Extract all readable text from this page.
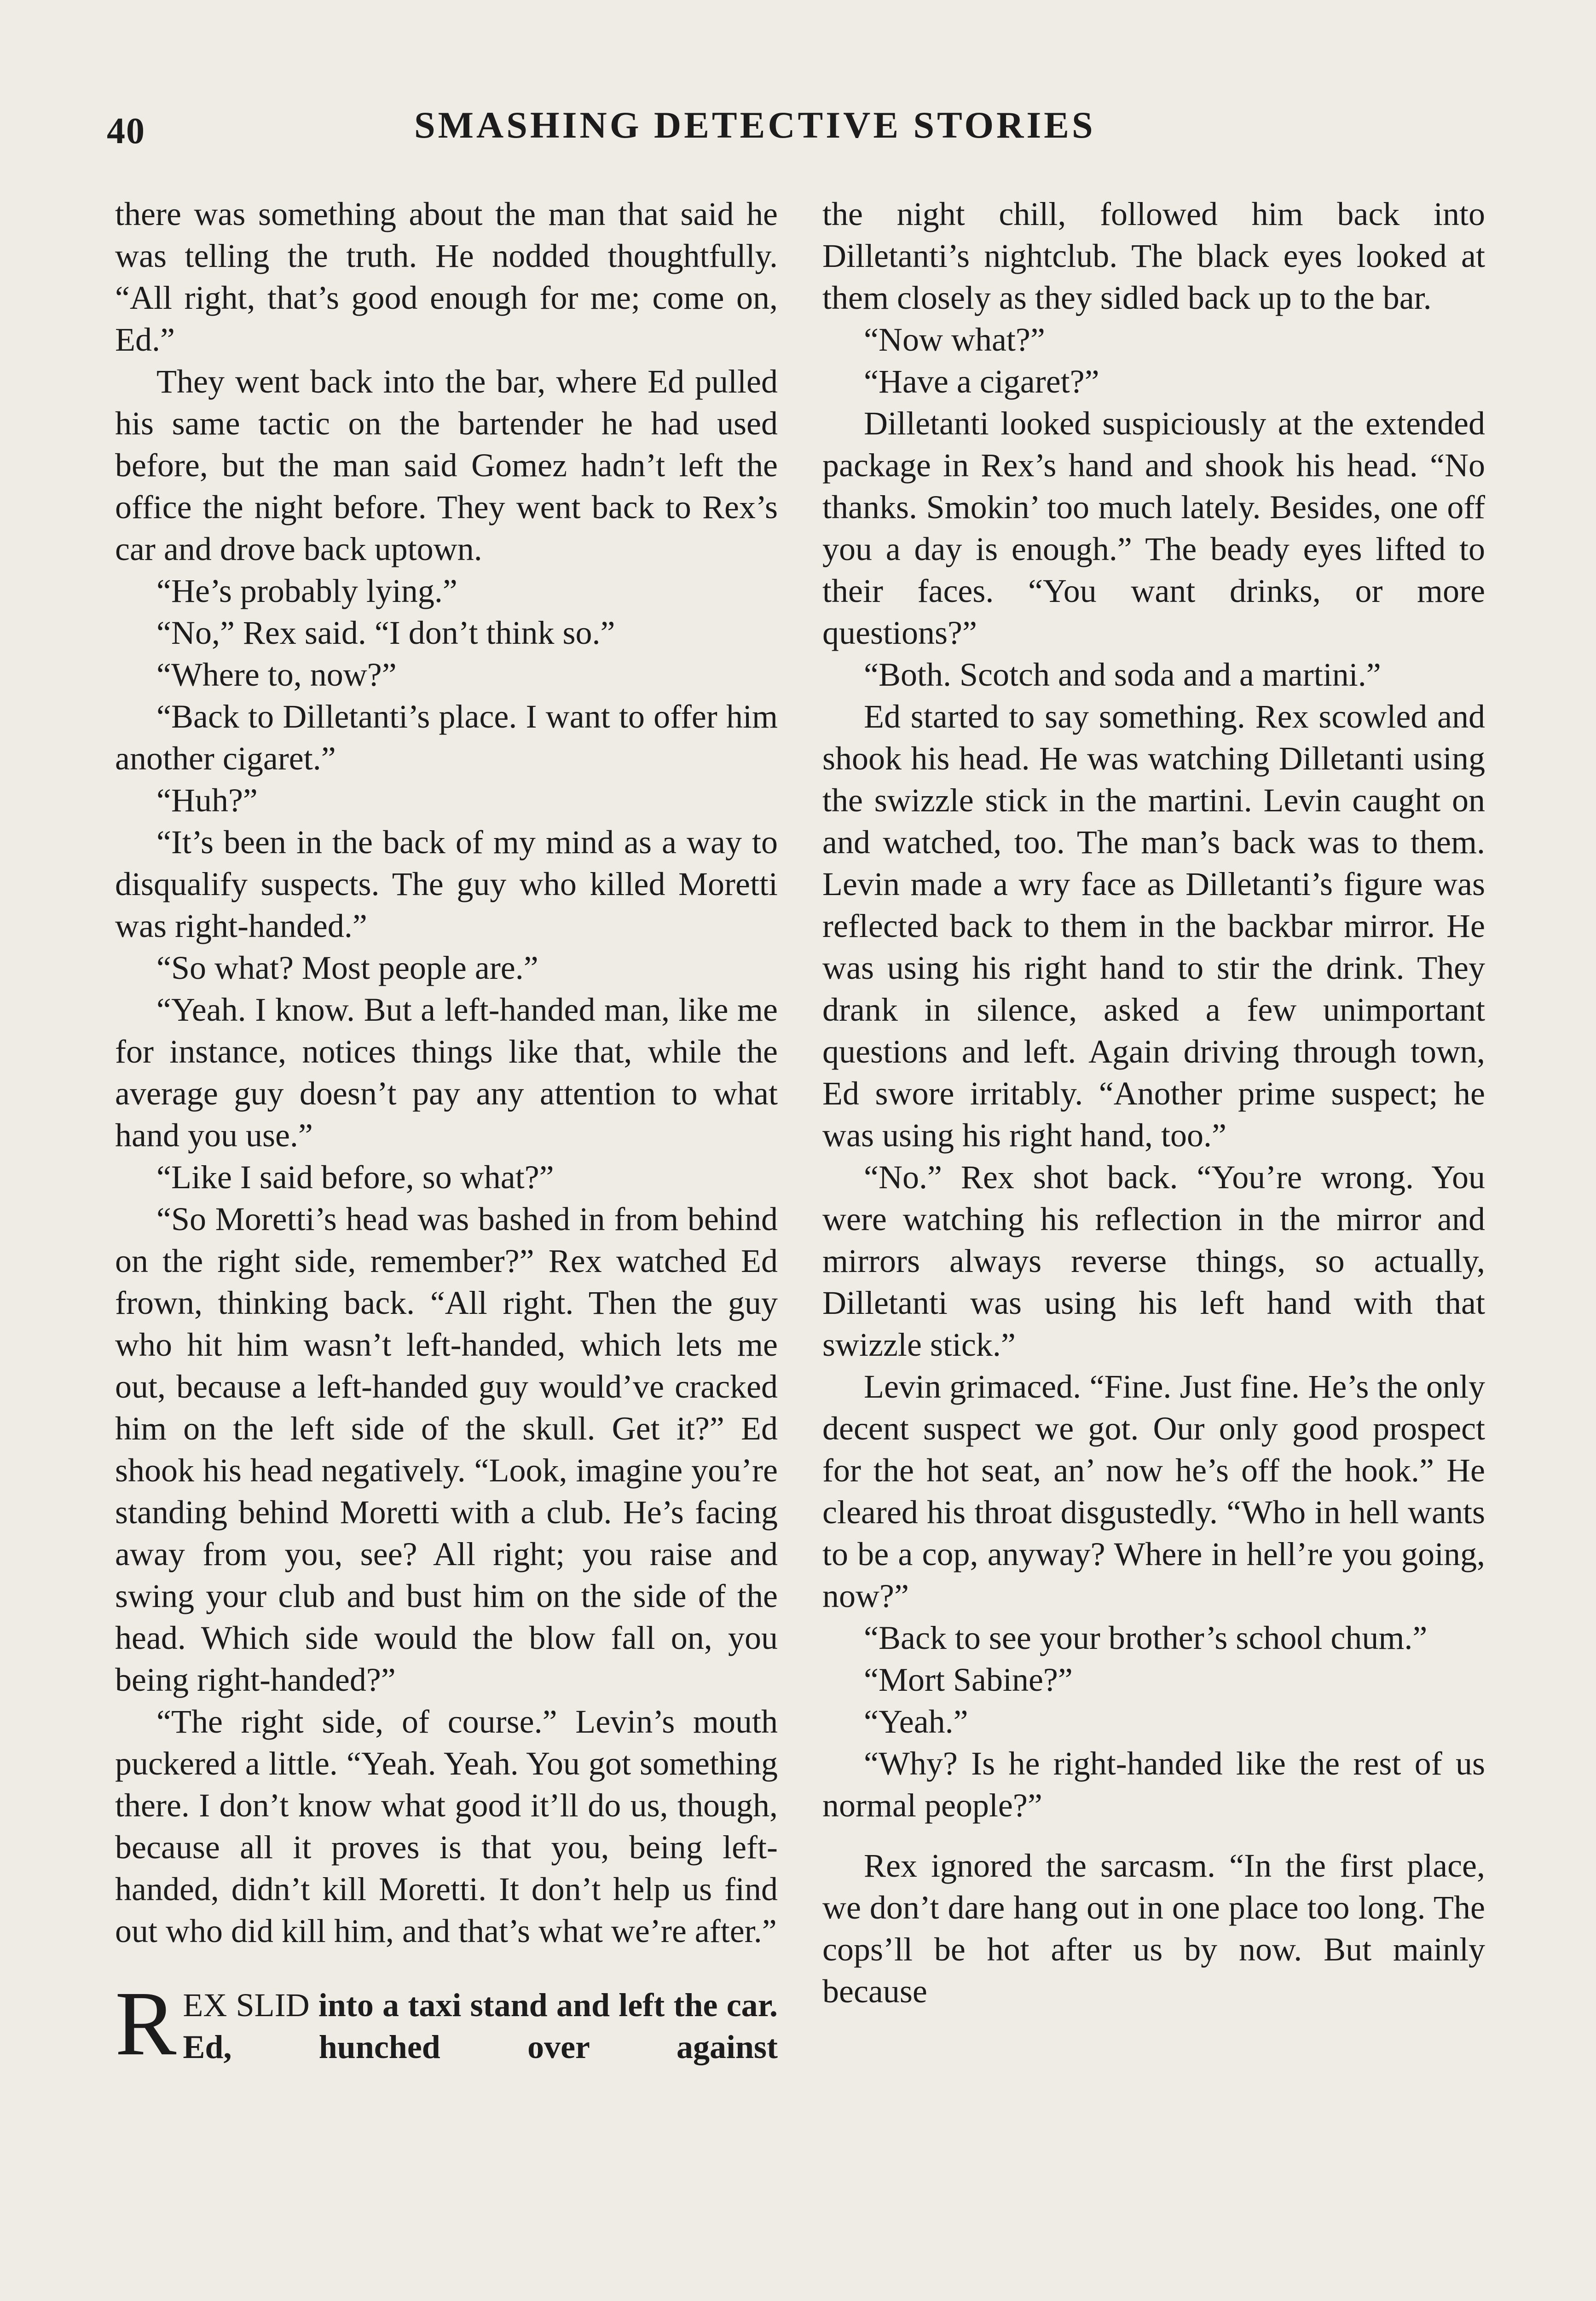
40	SMASHING DETECTIVE STORIES

there was something about the man that said he was telling the truth. He nodded thoughtfully. “All right, that’s good enough for me; come on, Ed.”

They went back into the bar, where Ed pulled his same tactic on the bartender he had used before, but the man said Gomez hadn’t left the office the night before. They went back to Rex’s car and drove back uptown.

“He’s probably lying.”

“No,” Rex said. “I don’t think so.”

“Where to, now?”

“Back to Dilletanti’s place. I want to offer him another cigaret.”

“Huh?”

“It’s been in the back of my mind as a way to disqualify suspects. The guy who killed Moretti was right-handed.”

“So what? Most people are.”

“Yeah. I know. But a left-handed man, like me for instance, notices things like that, while the average guy doesn’t pay any attention to what hand you use.”

“Like I said before, so what?”

“So Moretti’s head was bashed in from behind on the right side, remember?” Rex watched Ed frown, thinking back. “All right. Then the guy who hit him wasn’t left-handed, which lets me out, because a left-handed guy would’ve cracked him on the left side of the skull. Get it?” Ed shook his head negatively. “Look, imagine you’re standing behind Moretti with a club. He’s facing away from you, see? All right; you raise and swing your club and bust him on the side of the head. Which side would the blow fall on, you being right-handed?”

“The right side, of course.” Levin’s mouth puckered a little. “Yeah. Yeah. You got something there. I don’t know what good it’ll do us, though, because all it proves is that you, being left-handed, didn’t kill Moretti. It don’t help us find out who did kill him, and that’s what we’re after.”

REX SLID into a taxi stand and left the car. Ed, hunched over against

the night chill, followed him back into Dilletanti’s nightclub. The black eyes looked at them closely as they sidled back up to the bar.

“Now what?”

“Have a cigaret?”

Dilletanti looked suspiciously at the extended package in Rex’s hand and shook his head. “No thanks. Smokin’ too much lately. Besides, one off you a day is enough.” The beady eyes lifted to their faces. “You want drinks, or more questions?”

“Both. Scotch and soda and a martini.”

Ed started to say something. Rex scowled and shook his head. He was watching Dilletanti using the swizzle stick in the martini. Levin caught on and watched, too. The man’s back was to them. Levin made a wry face as Dilletanti’s figure was reflected back to them in the backbar mirror. He was using his right hand to stir the drink. They drank in silence, asked a few unimportant questions and left. Again driving through town, Ed swore irritably. “Another prime suspect; he was using his right hand, too.”

“No.” Rex shot back. “You’re wrong. You were watching his reflection in the mirror and mirrors always reverse things, so actually, Dilletanti was using his left hand with that swizzle stick.”

Levin grimaced. “Fine. Just fine. He’s the only decent suspect we got. Our only good prospect for the hot seat, an’ now he’s off the hook.” He cleared his throat disgustedly. “Who in hell wants to be a cop, anyway? Where in hell’re you going, now?”

“Back to see your brother’s school chum.”

“Mort Sabine?”

“Yeah.”

“Why? Is he right-handed like the rest of us normal people?”

Rex ignored the sarcasm. “In the first place, we don’t dare hang out in one place too long. The cops’ll be hot after us by now. But mainly because
